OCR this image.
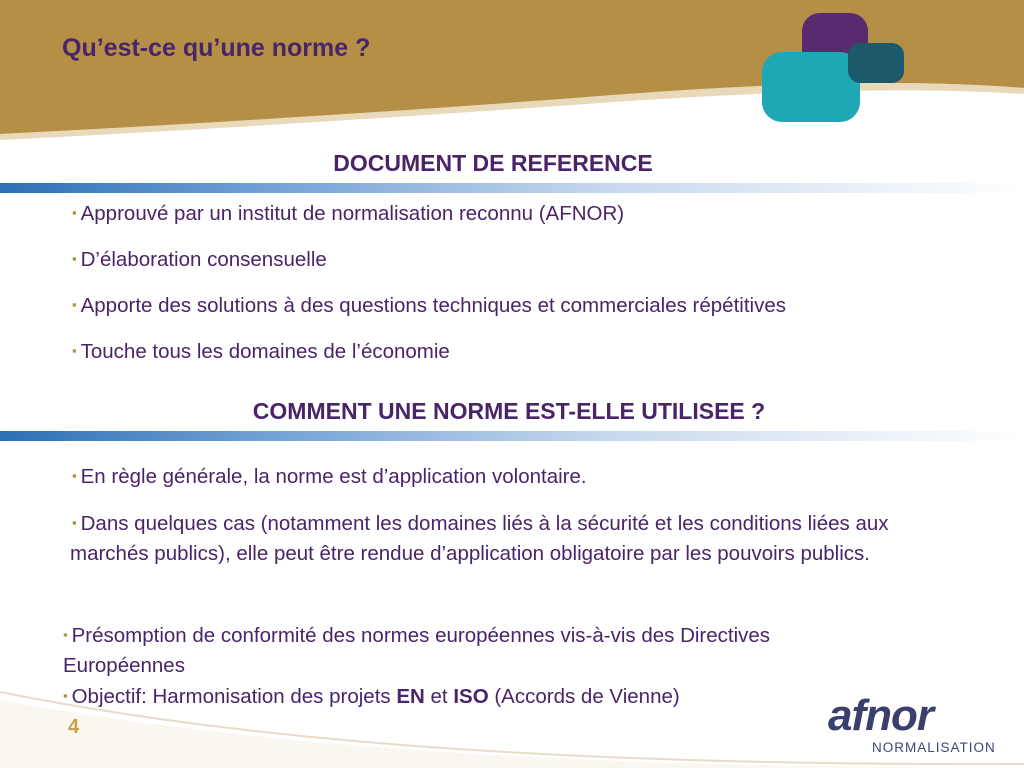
Qu’est-ce qu’une norme ?
DOCUMENT DE REFERENCE

▪ Approuvé par un institut de normalisation reconnu (AFNOR)

▪ D’élaboration consensuelle

▪ Apporte des solutions à des questions techniques et commerciales répétitives

▪ Touche tous les domaines de l’économie

COMMENT UNE NORME EST-ELLE UTILISEE ?

▪ En règle générale, la norme est d’application volontaire.

▪ Dans quelques cas (notamment les domaines liés à la sécurité et les conditions liées aux marchés publics), elle peut être rendue d’application obligatoire par les pouvoirs publics.

▪ Présomption de conformité des normes européennes vis-à-vis des Directives Européennes

▪ Objectif: Harmonisation des projets EN et ISO (Accords de Vienne)

4	afnor
NORMALISATION
